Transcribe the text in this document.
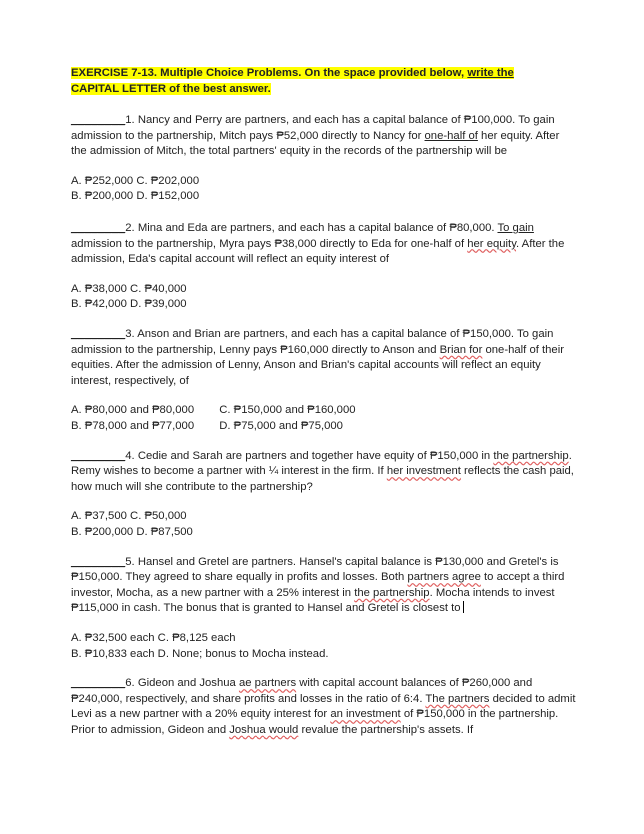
EXERCISE 7-13. Multiple Choice Problems. On the space provided below, write the
CAPITAL LETTER of the best answer.

________1. Nancy and Perry are partners, and each has a capital balance of ₱100,000. To gain admission to the partnership, Mitch pays ₱52,000 directly to Nancy for one-half of her equity. After the admission of Mitch, the total partners' equity in the records of the partnership will be

A. ₱252,000 C. ₱202,000
B. ₱200,000 D. ₱152,000

________2. Mina and Eda are partners, and each has a capital balance of ₱80,000. To gain admission to the partnership, Myra pays ₱38,000 directly to Eda for one-half of her equity. After the admission, Eda's capital account will reflect an equity interest of

A. ₱38,000 C. ₱40,000
B. ₱42,000 D. ₱39,000

________3. Anson and Brian are partners, and each has a capital balance of ₱150,000. To gain admission to the partnership, Lenny pays ₱160,000 directly to Anson and Brian for one-half of their equities. After the admission of Lenny, Anson and Brian's capital accounts will reflect an equity interest, respectively, of

A. ₱80,000 and ₱80,000        C. ₱150,000 and ₱160,000
B. ₱78,000 and ₱77,000        D. ₱75,000 and ₱75,000

________4. Cedie and Sarah are partners and together have equity of ₱150,000 in the partnership. Remy wishes to become a partner with ¼ interest in the firm. If her investment reflects the cash paid, how much will she contribute to the partnership?

A. ₱37,500 C. ₱50,000
B. ₱200,000 D. ₱87,500

________5. Hansel and Gretel are partners. Hansel's capital balance is ₱130,000 and Gretel's is ₱150,000. They agreed to share equally in profits and losses. Both partners agree to accept a third investor, Mocha, as a new partner with a 25% interest in the partnership. Mocha intends to invest ₱115,000 in cash. The bonus that is granted to Hansel and Gretel is closest to

A. ₱32,500 each C. ₱8,125 each
B. ₱10,833 each D. None; bonus to Mocha instead.

________6. Gideon and Joshua ae partners with capital account balances of ₱260,000 and ₱240,000, respectively, and share profits and losses in the ratio of 6:4. The partners decided to admit Levi as a new partner with a 20% equity interest for an investment of ₱150,000 in the partnership. Prior to admission, Gideon and Joshua would revalue the partnership's assets. If
